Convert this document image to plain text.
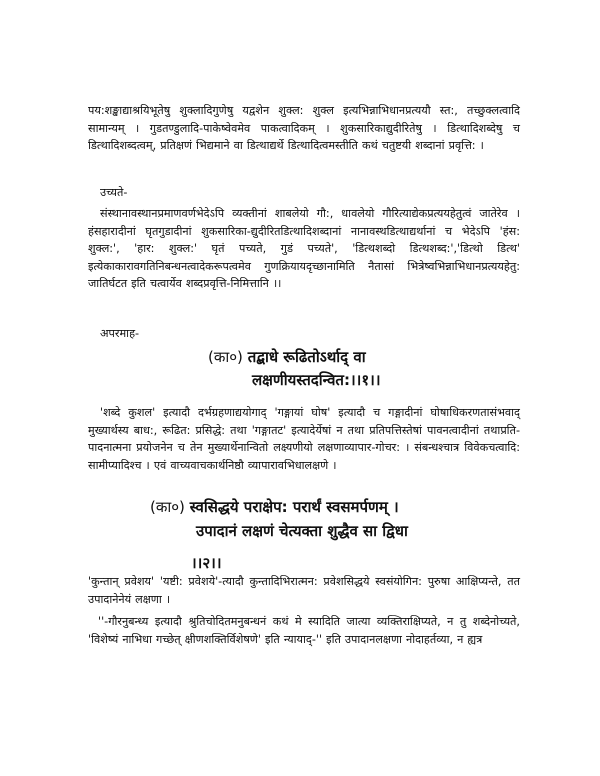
पय:शङ्खाद्याश्रयिभूतेषु शुक्लादिगुणेषु यद्वशेन शुक्ल: शुक्ल इत्यभिन्नाभिधानप्रत्ययौ स्त:, तच्छुक्लत्वादि सामान्यम् । गुडतण्डुलादि-पाकेष्वेवमेव पाकत्वादिकम् । शुकसारिकाद्युदीरितेषु । डित्थादिशब्देषु च डित्थादिशब्दत्वम्, प्रतिक्षणं भिद्यमाने वा डित्थाद्यर्थे डित्थादित्वमस्तीति कथं चतुष्टयी शब्दानां प्रवृत्ति: ।
उच्यते-
संस्थानावस्थानप्रमाणवर्णभेदेऽपि व्यक्तीनां शाबलेयो गौ:, धावलेयो गौरित्याद्येकप्रत्ययहेतुत्वं जातेरेव । हंसहारादीनां घृतगुडादीनां शुकसारिका-द्युदीरितडित्थादिशब्दानां नानावस्थडित्थाद्यर्थानां च भेदेऽपि 'हंस: शुक्ल:', 'हार: शुक्ल:' घृतं पच्यते, गुडं पच्यते', 'डित्थशब्दो डित्थशब्द:','डित्थो डित्थ' इत्येकाकारावगतिनिबन्धनत्वादेकरूपत्वमेव गुणक्रियायदृच्छानामिति नैतासां भित्रेष्वभिन्नाभिधानप्रत्ययहेतु: जातिर्घटत इति चत्वार्येव शब्दप्रवृत्ति-निमित्तानि ।।
अपरमाह-
(का०) तद्बाधे रूढितोऽर्थाद् वा
लक्षणीयस्तदन्वित:।।१।।
'शब्दे कुशल' इत्यादौ दर्भग्रहणाद्ययोगाद् 'गङ्गायां घोष' इत्यादौ च गङ्गादीनां घोषाधिकरणतासंभवाद् मुख्यार्थस्य बाध:, रूढित: प्रसिद्धे: तथा 'गङ्गातट' इत्यादेर्येषां न तथा प्रतिपत्तिस्तेषां पावनत्वादीनां तथाप्रति-पादनात्मना प्रयोजनेन च तेन मुख्यार्थेनान्वितो लक्ष्यणीयो लक्षणाव्यापार-गोचर: । संबन्धश्चात्र विवेकचत्वादि: सामीप्यादिश्च । एवं वाच्यवाचकार्थनिष्ठौ व्यापारावभिधालक्षणे ।
(का०) स्वसिद्धये पराक्षेप: परार्थं स्वसमर्पणम् ।
उपादानं लक्षणं चेत्यक्ता शुद्धैव सा द्विधा
।।२।।
'कुन्तान् प्रवेशय' 'यष्टी: प्रवेशये'-त्यादौ कुन्तादिभिरात्मन: प्रवेशसिद्धये स्वसंयोगिन: पुरुषा आक्षिप्यन्ते, तत उपादानेनेयं लक्षणा ।
''-गौरनुबन्ध्य इत्यादौ श्रुतिचोदितमनुबन्धनं कथं मे स्यादिति जात्या व्यक्तिराक्षिप्यते, न तु शब्देनोच्यते, 'विशेष्यं नाभिधा गच्छेत् क्षीणशक्तिर्विशेषणे' इति न्यायाद्-'' इति उपादानलक्षणा नोदाहर्तव्या, न ह्यत्र
